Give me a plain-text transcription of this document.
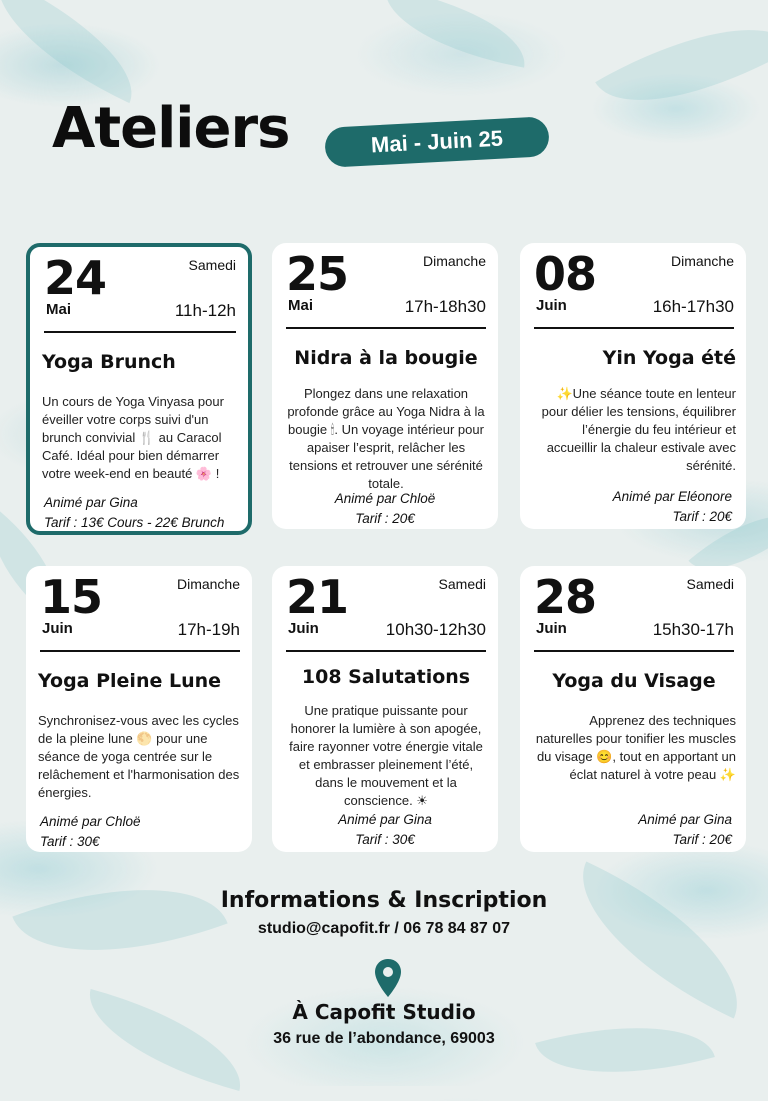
Ateliers	Mai - Juin 25
24
Mai
Samedi
11h-12h
Yoga Brunch
Un cours de Yoga Vinyasa pour éveiller votre corps suivi d'un brunch convivial 🍴 au Caracol Café. Idéal pour bien démarrer votre week-end en beauté 🌸 !
Animé par Gina
Tarif : 13€ Cours - 22€ Brunch
25
Mai
Dimanche
17h-18h30
Nidra à la bougie
Plongez dans une relaxation profonde grâce au Yoga Nidra à la bougie 🕯. Un voyage intérieur pour apaiser l’esprit, relâcher les tensions et retrouver une sérénité totale.
Animé par Chloë
Tarif : 20€
08
Juin
Dimanche
16h-17h30
Yin Yoga été
✨Une séance toute en lenteur pour délier les tensions, équilibrer l’énergie du feu intérieur et accueillir la chaleur estivale avec sérénité.
Animé par Eléonore
Tarif : 20€
15
Juin
Dimanche
17h-19h
Yoga Pleine Lune
Synchronisez-vous avec les cycles de la pleine lune 🌕 pour une séance de yoga centrée sur le relâchement et l'harmonisation des énergies.
Animé par Chloë
Tarif : 30€
21
Juin
Samedi
10h30-12h30
108 Salutations
Une pratique puissante pour honorer la lumière à son apogée, faire rayonner votre énergie vitale et embrasser pleinement l’été, dans le mouvement et la conscience. ☀
Animé par Gina
Tarif : 30€
28
Juin
Samedi
15h30-17h
Yoga du Visage
Apprenez des techniques naturelles pour tonifier les muscles du visage 😊, tout en apportant un éclat naturel à votre peau ✨
Animé par Gina
Tarif : 20€
Informations & Inscription
studio@capofit.fr / 06 78 84 87 07
À Capofit Studio
36 rue de l’abondance, 69003
